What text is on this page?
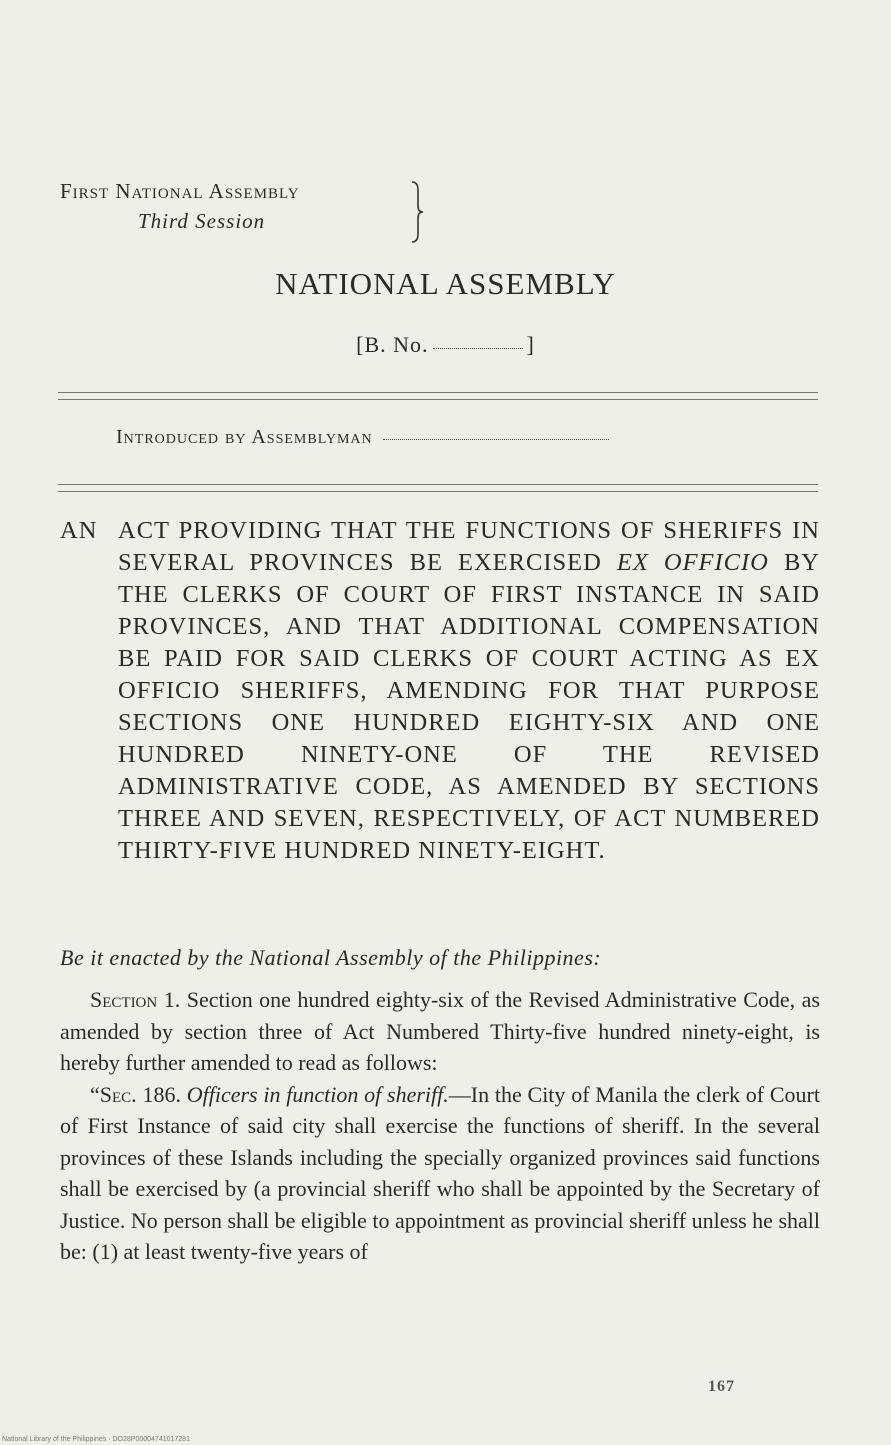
First National Assembly
Third Session
NATIONAL ASSEMBLY
[B. No.	]
Introduced by Assemblyman
AN ACT PROVIDING THAT THE FUNCTIONS OF SHERIFFS IN SEVERAL PROVINCES BE EXERCISED EX OFFICIO BY THE CLERKS OF COURT OF FIRST INSTANCE IN SAID PROVINCES, AND THAT ADDITIONAL COMPENSATION BE PAID FOR SAID CLERKS OF COURT ACTING AS EX OFFICIO SHERIFFS, AMENDING FOR THAT PURPOSE SECTIONS ONE HUNDRED EIGHTY-SIX AND ONE HUNDRED NINETY-ONE OF THE REVISED ADMINISTRATIVE CODE, AS AMENDED BY SECTIONS THREE AND SEVEN, RESPECTIVELY, OF ACT NUMBERED THIRTY-FIVE HUNDRED NINETY-EIGHT.
Be it enacted by the National Assembly of the Philippines:

Section 1. Section one hundred eighty-six of the Revised Administrative Code, as amended by section three of Act Numbered Thirty-five hundred ninety-eight, is hereby further amended to read as follows:

“Sec. 186. Officers in function of sheriff.—In the City of Manila the clerk of Court of First Instance of said city shall exercise the functions of sheriff. In the several provinces of these Islands including the specially organized provinces said functions shall be exercised by (a provincial sheriff who shall be appointed by the Secretary of Justice. No person shall be eligible to appointment as provincial sheriff unless he shall be: (1) at least twenty-five years of

167
National Library of the Philippines · DO28P00004741017281
